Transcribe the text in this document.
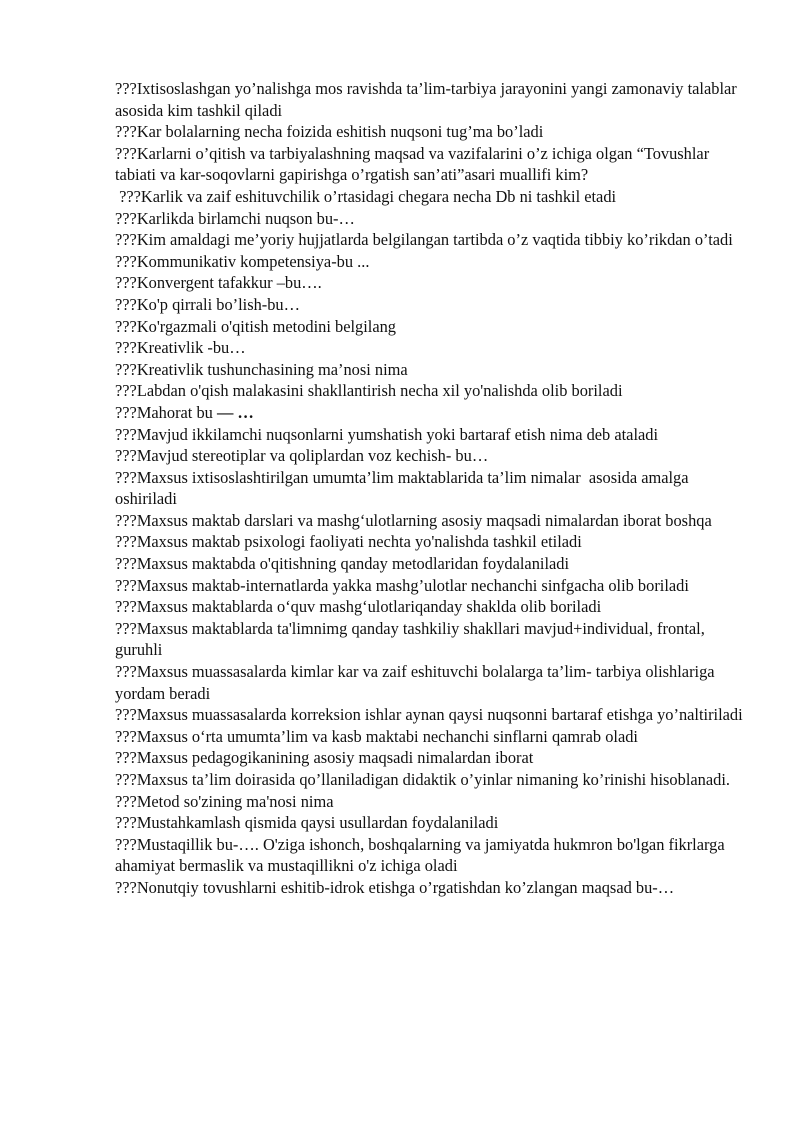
???Ixtisoslashgan yo’nalishga mos ravishda ta’lim-tarbiya jarayonini yangi zamonaviy talablar asosida kim tashkil qiladi

???Kar bolalarning necha foizida eshitish nuqsoni tug’ma bo’ladi

???Karlarni o’qitish va tarbiyalashning maqsad va vazifalarini o’z ichiga olgan “Tovushlar tabiati va kar-soqovlarni gapirishga o’rgatish san’ati”asari muallifi kim?

???Karlik va zaif eshituvchilik o’rtasidagi chegara necha Db ni tashkil etadi

???Karlikda birlamchi nuqson bu-…

???Kim amaldagi me’yoriy hujjatlarda belgilangan tartibda o’z vaqtida tibbiy ko’rikdan o’tadi

???Kommunikativ kompetensiya-bu ...

???Konvergent tafakkur –bu….

???Ko'p qirrali bo’lish-bu…

???Ko'rgazmali o'qitish metodini belgilang

???Kreativlik -bu…

???Kreativlik tushunchasining ma’nosi nima

???Labdan o'qish malakasini shakllantirish necha xil yo'nalishda olib boriladi

???Mahorat bu — …

???Mavjud ikkilamchi nuqsonlarni yumshatish yoki bartaraf etish nima deb ataladi

???Mavjud stereotiplar va qoliplardan voz kechish- bu…

???Maxsus ixtisoslashtirilgan umumta’lim maktablarida ta’lim nimalar  asosida amalga oshiriladi

???Maxsus maktab darslari va mashg‘ulotlarning asosiy maqsadi nimalardan iborat boshqa

???Maxsus maktab psixologi faoliyati nechta yo'nalishda tashkil etiladi

???Maxsus maktabda o'qitishning qanday metodlaridan foydalaniladi

???Maxsus maktab-internatlarda yakka mashg’ulotlar nechanchi sinfgacha olib boriladi

???Maxsus maktablarda o‘quv mashg‘ulotlariqanday shaklda olib boriladi

???Maxsus maktablarda ta'limnimg qanday tashkiliy shakllari mavjud+individual, frontal, guruhli

???Maxsus muassasalarda kimlar kar va zaif eshituvchi bolalarga ta’lim- tarbiya olishlariga yordam beradi

???Maxsus muassasalarda korreksion ishlar aynan qaysi nuqsonni bartaraf etishga yo’naltiriladi

???Maxsus o‘rta umumta’lim va kasb maktabi nechanchi sinflarni qamrab oladi

???Maxsus pedagogikanining asosiy maqsadi nimalardan iborat

???Maxsus ta’lim doirasida qo’llaniladigan didaktik o’yinlar nimaning ko’rinishi hisoblanadi.

???Metod so'zining ma'nosi nima

???Mustahkamlash qismida qaysi usullardan foydalaniladi

???Mustaqillik bu-…. O'ziga ishonch, boshqalarning va jamiyatda hukmron bo'lgan fikrlarga ahamiyat bermaslik va mustaqillikni o'z ichiga oladi

???Nonutqiy tovushlarni eshitib-idrok etishga o’rgatishdan ko’zlangan maqsad bu-…
